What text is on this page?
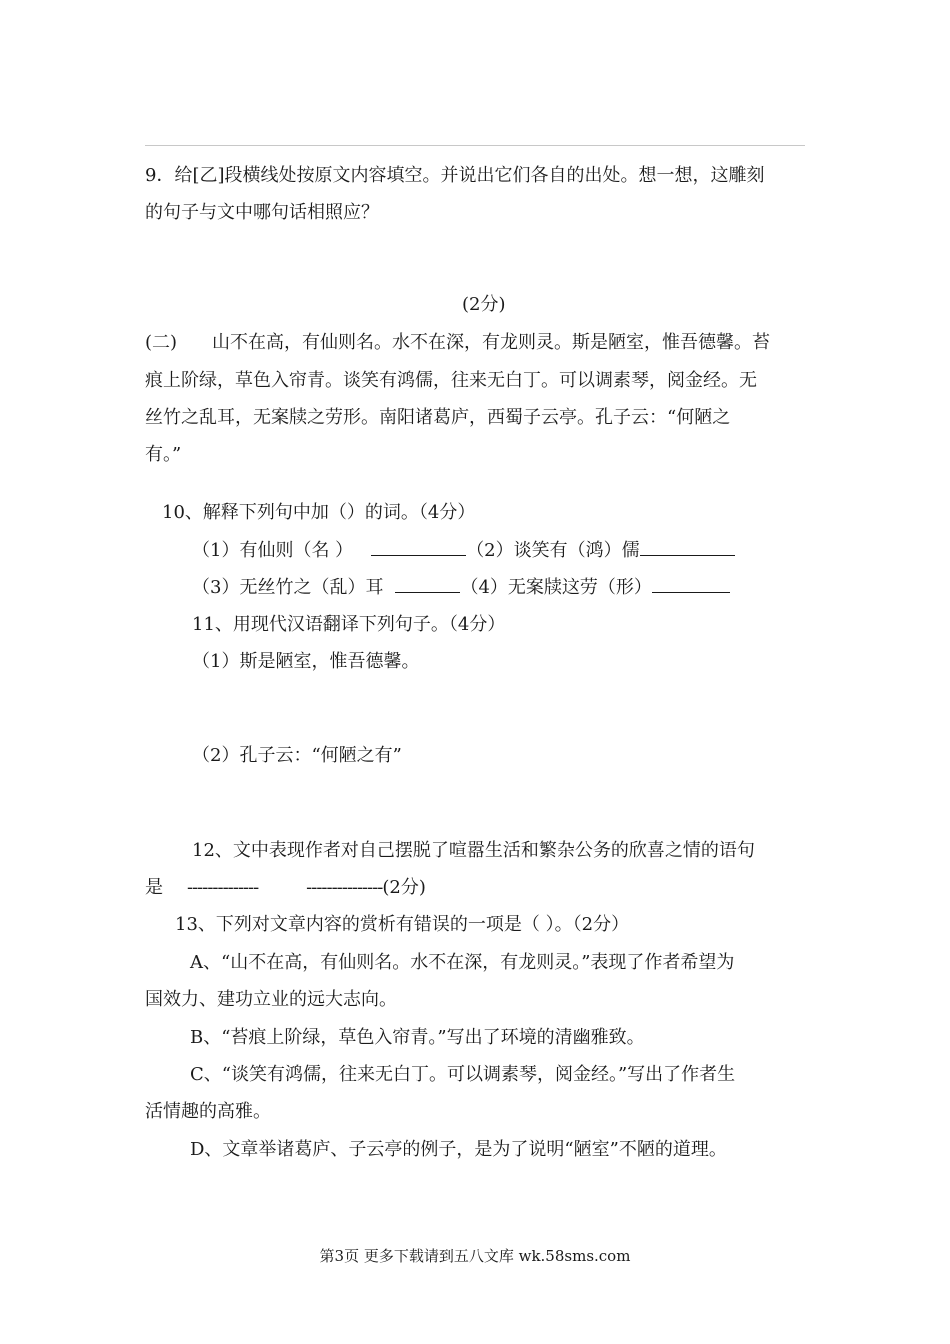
9．给[乙]段横线处按原文内容填空。并说出它们各自的出处。想一想，这雕刻
的句子与文中哪句话相照应？
(2分)
(二) 山不在高，有仙则名。水不在深，有龙则灵。斯是陋室，惟吾德馨。苔
痕上阶绿，草色入帘青。谈笑有鸿儒，往来无白丁。可以调素琴，阅金经。无
丝竹之乱耳，无案牍之劳形。南阳诸葛庐，西蜀子云亭。孔子云：“何陋之
有。”
10、解释下列句中加（）的词。（4分）
（1）有仙则（名 ）	（2）谈笑有（鸿）儒
（3）无丝竹之（乱）耳	（4）无案牍这劳（形）
11、用现代汉语翻译下列句子。（4分）
（1）斯是陋室，惟吾德馨。
（2）孔子云：“何陋之有”
12、文中表现作者对自己摆脱了喧嚣生活和繁杂公务的欣喜之情的语句
是 --------------	---------------(2分)
13、下列对文章内容的赏析有错误的一项是（ ）。（2分）
A、“山不在高，有仙则名。水不在深，有龙则灵。”表现了作者希望为
国效力、建功立业的远大志向。
B、“苔痕上阶绿，草色入帘青。”写出了环境的清幽雅致。
C、“谈笑有鸿儒，往来无白丁。可以调素琴，阅金经。”写出了作者生
活情趣的高雅。
D、文章举诸葛庐、子云亭的例子，是为了说明“陋室”不陋的道理。
第3页 更多下载请到五八文库 wk.58sms.com
